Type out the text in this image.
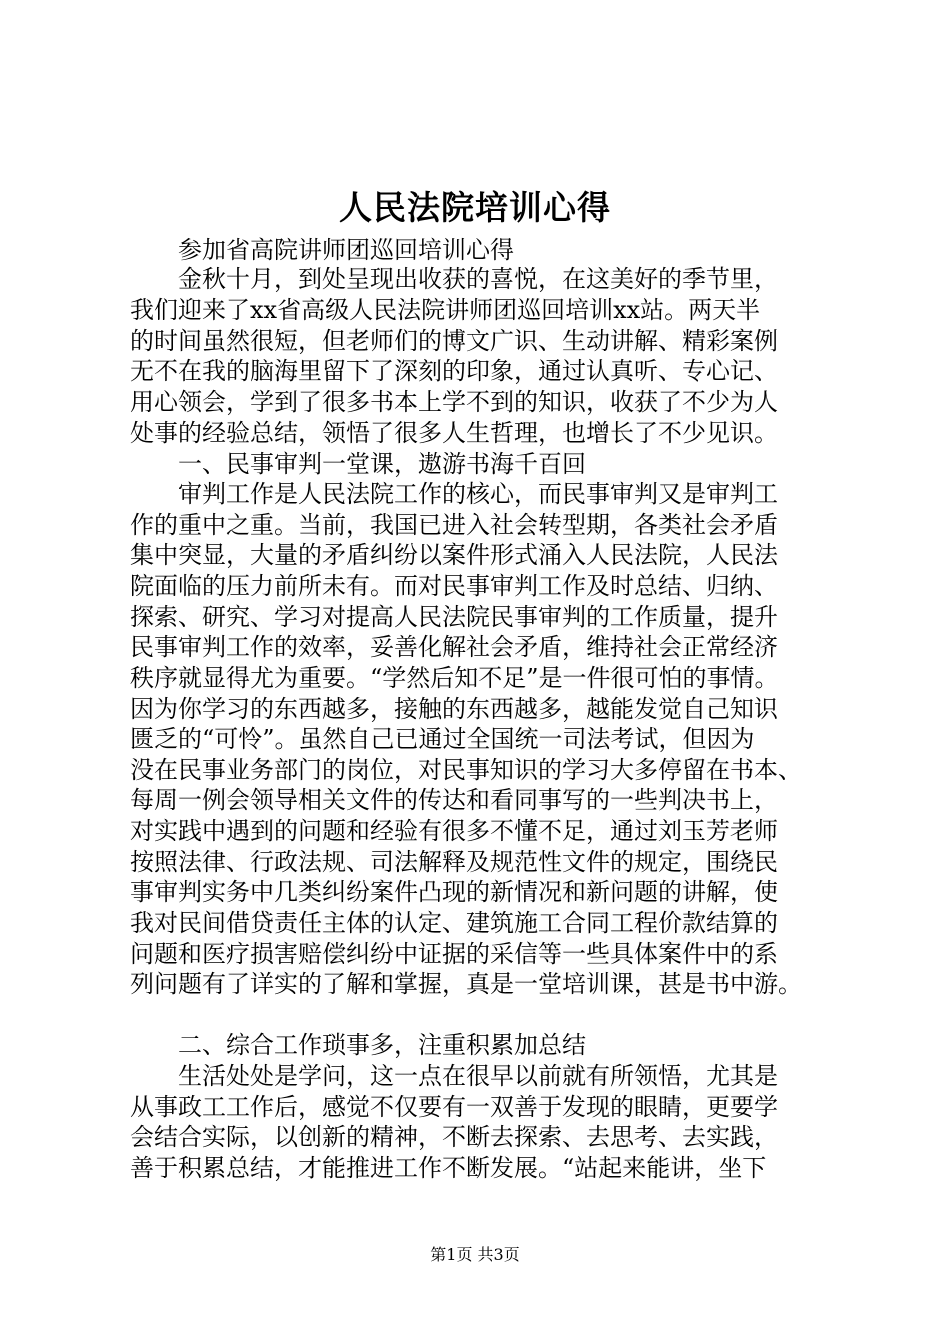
人民法院培训心得
参加省高院讲师团巡回培训心得
金秋十月，到处呈现出收获的喜悦，在这美好的季节里，
我们迎来了xx省高级人民法院讲师团巡回培训xx站。两天半
的时间虽然很短，但老师们的博文广识、生动讲解、精彩案例
无不在我的脑海里留下了深刻的印象，通过认真听、专心记、
用心领会，学到了很多书本上学不到的知识，收获了不少为人
处事的经验总结，领悟了很多人生哲理，也增长了不少见识。
一、民事审判一堂课，遨游书海千百回
审判工作是人民法院工作的核心，而民事审判又是审判工
作的重中之重。当前，我国已进入社会转型期，各类社会矛盾
集中突显，大量的矛盾纠纷以案件形式涌入人民法院，人民法
院面临的压力前所未有。而对民事审判工作及时总结、归纳、
探索、研究、学习对提高人民法院民事审判的工作质量，提升
民事审判工作的效率，妥善化解社会矛盾，维持社会正常经济
秩序就显得尤为重要。“学然后知不足”是一件很可怕的事情。
因为你学习的东西越多，接触的东西越多，越能发觉自己知识
匮乏的“可怜”。虽然自己已通过全国统一司法考试，但因为
没在民事业务部门的岗位，对民事知识的学习大多停留在书本、
每周一例会领导相关文件的传达和看同事写的一些判决书上，
对实践中遇到的问题和经验有很多不懂不足，通过刘玉芳老师
按照法律、行政法规、司法解释及规范性文件的规定，围绕民
事审判实务中几类纠纷案件凸现的新情况和新问题的讲解，使
我对民间借贷责任主体的认定、建筑施工合同工程价款结算的
问题和医疗损害赔偿纠纷中证据的采信等一些具体案件中的系
列问题有了详实的了解和掌握，真是一堂培训课，甚是书中游。
二、综合工作琐事多，注重积累加总结
生活处处是学问，这一点在很早以前就有所领悟，尤其是
从事政工工作后，感觉不仅要有一双善于发现的眼睛，更要学
会结合实际，以创新的精神，不断去探索、去思考、去实践，
善于积累总结，才能推进工作不断发展。“站起来能讲，坐下
第1页 共3页
